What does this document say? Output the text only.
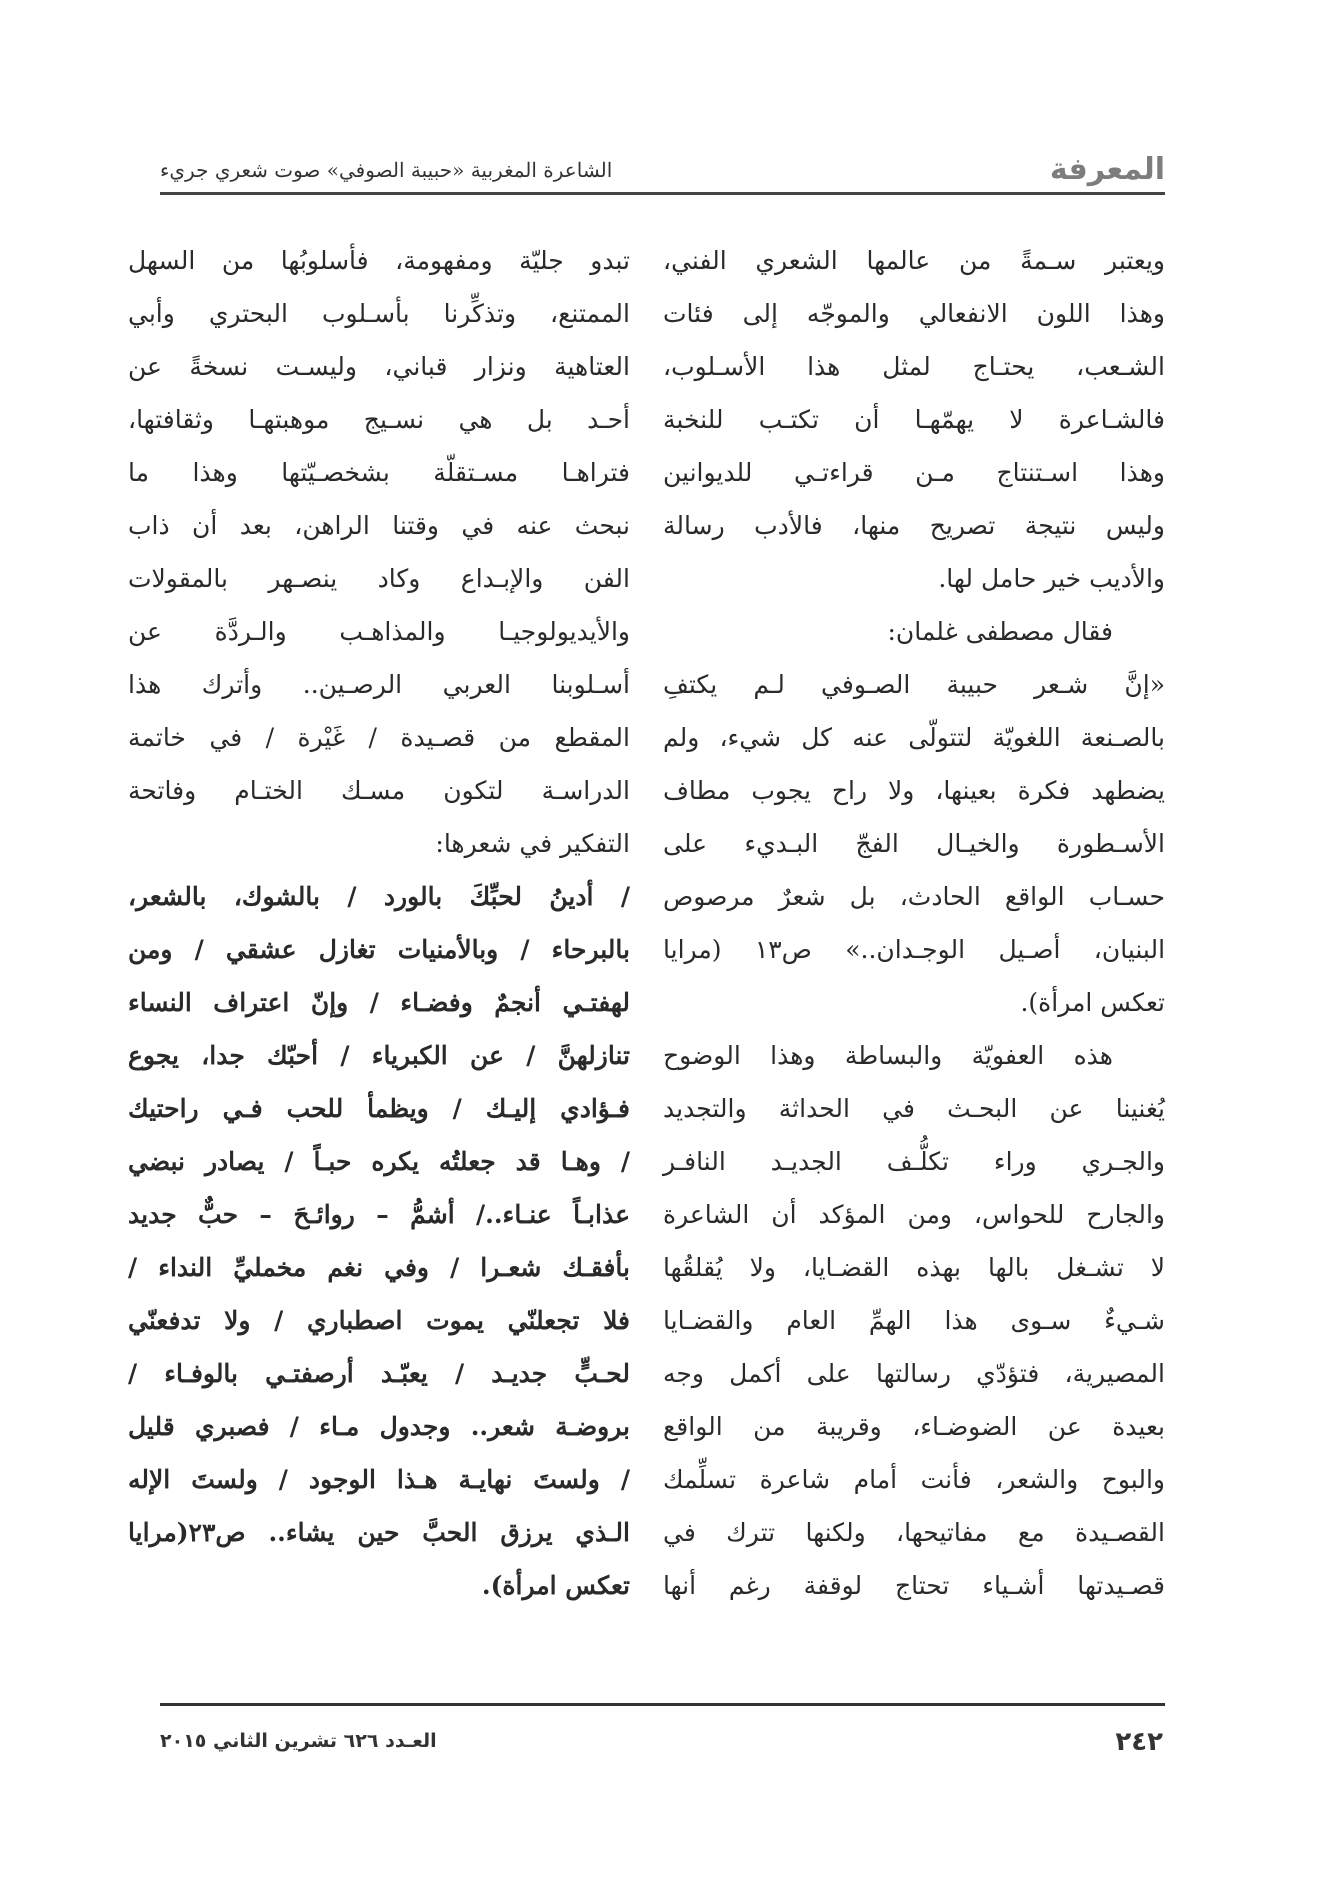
المعرفة
الشاعرة المغربية «حبيبة الصوفي» صوت شعري جريء

ويعتبر سـمةً من عالمها الشعري الفني،

وهذا اللون الانفعالي والموجّه إلى فئات

الشـعب، يحتـاج لمثل هذا الأسـلوب،

فالشـاعرة لا يهمّهـا أن تكتـب للنخبة

وهذا اسـتنتاج مـن قراءتـي للديوانين

وليس نتيجة تصريح منها، فالأدب رسالة

والأديب خير حامل لها.

فقال مصطفى غلمان:

«إنَّ شـعر حبيبة الصـوفي لـم يكتفِ

بالصـنعة اللغويّة لتتولّى عنه كل شيء، ولم

يضطهد فكرة بعينها، ولا راح يجوب مطاف

الأسـطورة والخيـال الفجّ البـديء على

حسـاب الواقع الحادث، بل شعرٌ مرصوص

البنيان، أصـيل الوجـدان..» ص١٣ (مرايا

تعكس امرأة).

هذه العفويّة والبساطة وهذا الوضوح

يُغنينا عن البحـث في الحداثة والتجديد

والجـري وراء تكلُّـف الجديـد النافـر

والجارح للحواس، ومن المؤكد أن الشاعرة

لا تشـغل بالها بهذه القضـايا، ولا يُقلقُها

شـيءٌ سـوى هذا الهمِّ العام والقضـايا

المصيرية، فتؤدّي رسالتها على أكمل وجه

بعيدة عن الضوضـاء، وقريبة من الواقع

والبوح والشعر، فأنت أمام شاعرة تسلِّمك

القصـيدة مع مفاتيحها، ولكنها تترك في

قصـيدتها أشـياء تحتاج لوقفة رغم أنها

تبدو جليّة ومفهومة، فأسلوبُها من السهل

الممتنع، وتذكِّرنا بأسـلوب البحتري وأبي

العتاهية ونزار قباني، وليسـت نسخةً عن

أحـد بل هي نسـيج موهبتهـا وثقافتها،

فتراهـا مسـتقلّة بشخصـيّتها وهذا ما

نبحث عنه في وقتنا الراهن، بعد أن ذاب

الفن والإبـداع وكاد ينصـهر بالمقولات

والأيديولوجيـا والمذاهـب والـردَّة عن

أسـلوبنا العربي الرصـين.. وأترك هذا

المقطع من قصـيدة / غَيْرة / في خاتمة

الدراسـة لتكون مسـك الختـام وفاتحة

التفكير في شعرها:

/ أدينُ لحبِّكَ بالورد / بالشوك، بالشعر،

بالبرحاء / وبالأمنيات تغازل عشقي / ومن

لهفتـي أنجمٌ وفضـاء / وإنّ اعتراف النساء

تنازلهنَّ / عن الكبرياء / أحبّك جدا، يجوع

فـؤادي إليـك / ويظمأ للحب فـي راحتيك

/ وهـا قد جعلتُه يكره حبـاً / يصادر نبضي

عذابـاً عنـاء../ أشمُّ – روائـحَ – حبٌّ جديد

بأفقـك شعـرا / وفي نغم مخمليِّ النداء /

فلا تجعلنّي يموت اصطباري / ولا تدفعنّي

لحـبٍّ جديـد / يعبّـد أرصفتـي بالوفـاء /

بروضـة شعر.. وجدول مـاء / فصبري قليل

/ ولستَ نهايـة هـذا الوجود / ولستَ الإله

الـذي يرزق الحبَّ حين يشاء.. ص٢٣(مرايا

تعكس امرأة).

٢٤٢
العـدد ٦٢٦ تشرين الثاني ٢٠١٥
